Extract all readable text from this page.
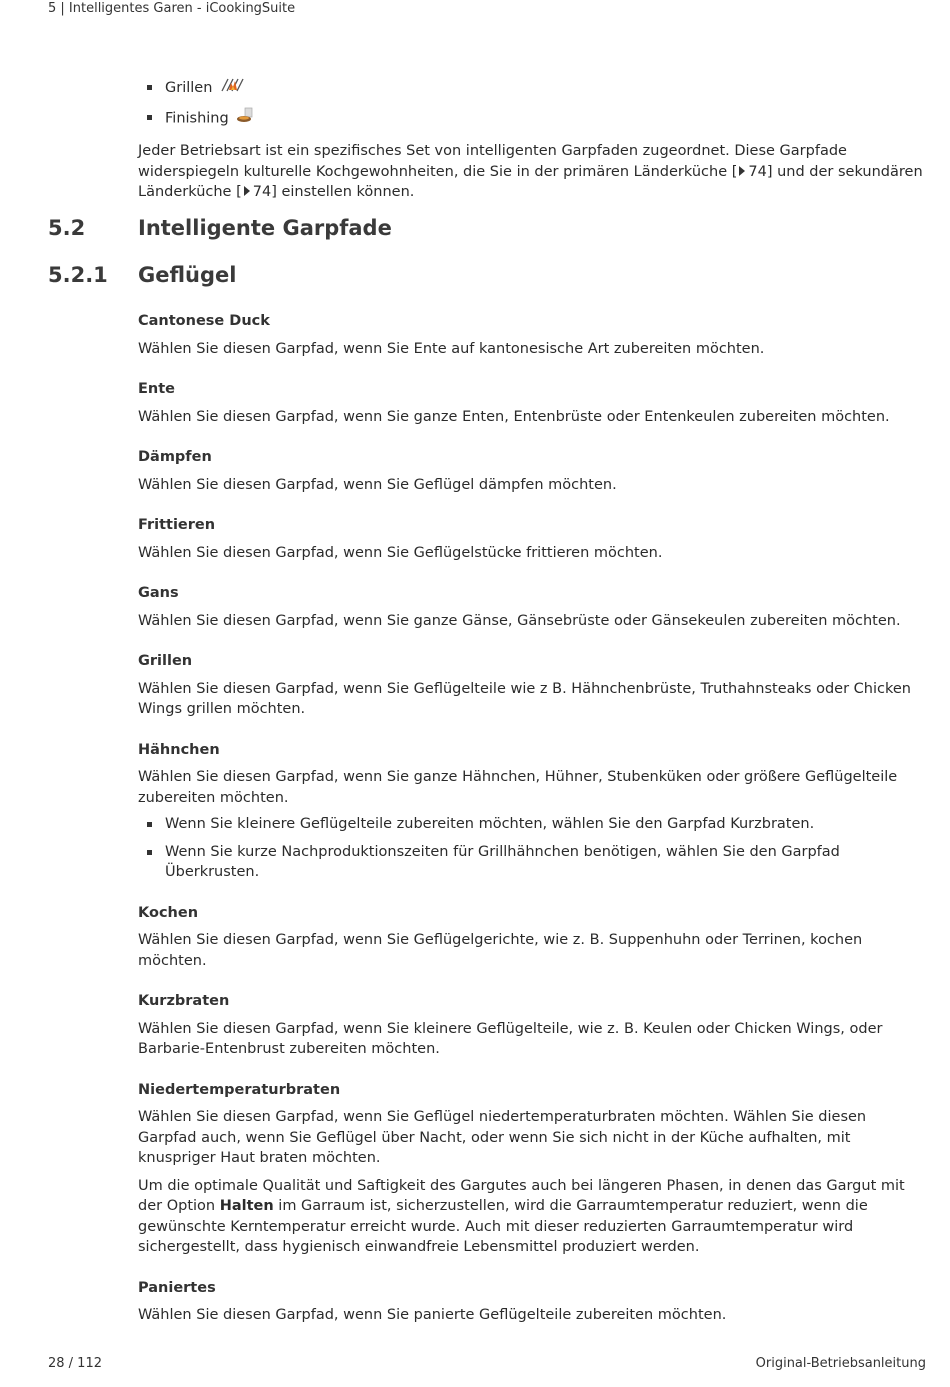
5 | Intelligentes Garen - iCookingSuite
Grillen
Finishing

Jeder Betriebsart ist ein spezifisches Set von intelligenten Garpfaden zugeordnet. Diese Garpfade widerspiegeln kulturelle Kochgewohnheiten, die Sie in der primären Länderküche [ 74] und der sekundären Länderküche [ 74] einstellen können.

5.2	Intelligente Garpfade
5.2.1 Geflügel

Cantonese Duck

Wählen Sie diesen Garpfad, wenn Sie Ente auf kantonesische Art zubereiten möchten.

Ente

Wählen Sie diesen Garpfad, wenn Sie ganze Enten, Entenbrüste oder Entenkeulen zubereiten möchten.

Dämpfen

Wählen Sie diesen Garpfad, wenn Sie Geflügel dämpfen möchten.

Frittieren

Wählen Sie diesen Garpfad, wenn Sie Geflügelstücke frittieren möchten.

Gans

Wählen Sie diesen Garpfad, wenn Sie ganze Gänse, Gänsebrüste oder Gänsekeulen zubereiten möchten.

Grillen

Wählen Sie diesen Garpfad, wenn Sie Geflügelteile wie z B. Hähnchenbrüste, Truthahnsteaks oder Chicken Wings grillen möchten.

Hähnchen

Wählen Sie diesen Garpfad, wenn Sie ganze Hähnchen, Hühner, Stubenküken oder größere Geflügelteile zubereiten möchten.

Wenn Sie kleinere Geflügelteile zubereiten möchten, wählen Sie den Garpfad Kurzbraten.
Wenn Sie kurze Nachproduktionszeiten für Grillhähnchen benötigen, wählen Sie den Garpfad Überkrusten.

Kochen

Wählen Sie diesen Garpfad, wenn Sie Geflügelgerichte, wie z. B. Suppenhuhn oder Terrinen, kochen möchten.

Kurzbraten

Wählen Sie diesen Garpfad, wenn Sie kleinere Geflügelteile, wie z. B. Keulen oder Chicken Wings, oder Barbarie-Entenbrust zubereiten möchten.

Niedertemperaturbraten

Wählen Sie diesen Garpfad, wenn Sie Geflügel niedertemperaturbraten möchten. Wählen Sie diesen Garpfad auch, wenn Sie Geflügel über Nacht, oder wenn Sie sich nicht in der Küche aufhalten, mit knuspriger Haut braten möchten.

Um die optimale Qualität und Saftigkeit des Gargutes auch bei längeren Phasen, in denen das Gargut mit der Option Halten im Garraum ist, sicherzustellen, wird die Garraumtemperatur reduziert, wenn die gewünschte Kerntemperatur erreicht wurde. Auch mit dieser reduzierten Garraumtemperatur wird sichergestellt, dass hygienisch einwandfreie Lebensmittel produziert werden.

Paniertes

Wählen Sie diesen Garpfad, wenn Sie panierte Geflügelteile zubereiten möchten.

28 / 112	Original-Betriebsanleitung
